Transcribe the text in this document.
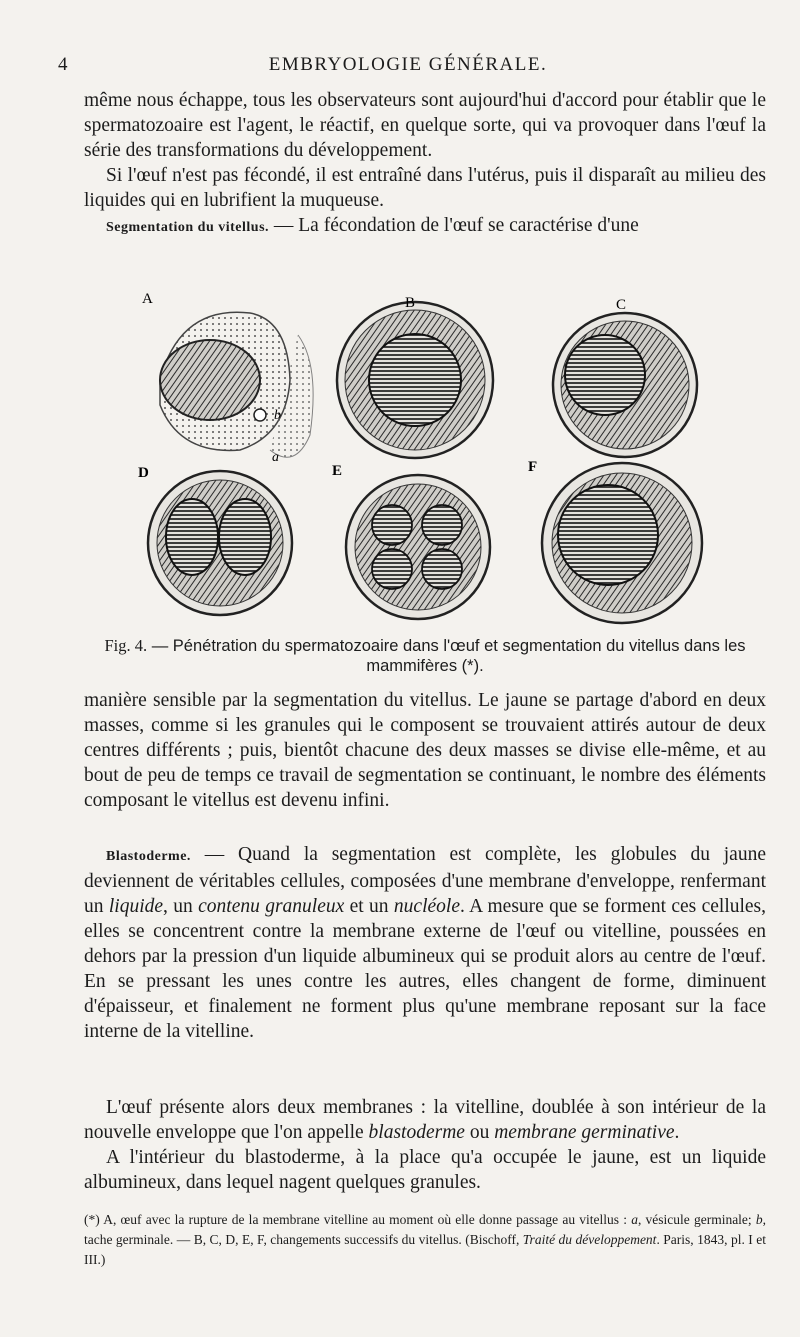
4	EMBRYOLOGIE GÉNÉRALE.

même nous échappe, tous les observateurs sont aujourd'hui d'accord pour établir que le spermatozoaire est l'agent, le réactif, en quelque sorte, qui va provoquer dans l'œuf la série des transformations du développement.

Si l'œuf n'est pas fécondé, il est entraîné dans l'utérus, puis il disparaît au milieu des liquides qui en lubrifient la muqueuse.

Segmentation du vitellus. — La fécondation de l'œuf se caractérise d'une

A
b
a
B	C
D	E	F

Fig. 4. — Pénétration du spermatozoaire dans l'œuf et segmentation du vitellus dans les mammifères (*).

manière sensible par la segmentation du vitellus. Le jaune se partage d'abord en deux masses, comme si les granules qui le composent se trouvaient attirés autour de deux centres différents ; puis, bientôt chacune des deux masses se divise elle-même, et au bout de peu de temps ce travail de segmentation se continuant, le nombre des éléments composant le vitellus est devenu infini.

Blastoderme. — Quand la segmentation est complète, les globules du jaune deviennent de véritables cellules, composées d'une membrane d'enveloppe, renfermant un liquide, un contenu granuleux et un nucléole. A mesure que se forment ces cellules, elles se concentrent contre la membrane externe de l'œuf ou vitelline, poussées en dehors par la pression d'un liquide albumineux qui se produit alors au centre de l'œuf. En se pressant les unes contre les autres, elles changent de forme, diminuent d'épaisseur, et finalement ne forment plus qu'une membrane reposant sur la face interne de la vitelline.

L'œuf présente alors deux membranes : la vitelline, doublée à son intérieur de la nouvelle enveloppe que l'on appelle blastoderme ou membrane germinative.

A l'intérieur du blastoderme, à la place qu'a occupée le jaune, est un liquide albumineux, dans lequel nagent quelques granules.

(*) A, œuf avec la rupture de la membrane vitelline au moment où elle donne passage au vitellus : a, vésicule germinale; b, tache germinale. — B, C, D, E, F, changements successifs du vitellus. (Bischoff, Traité du développement. Paris, 1843, pl. I et III.)
